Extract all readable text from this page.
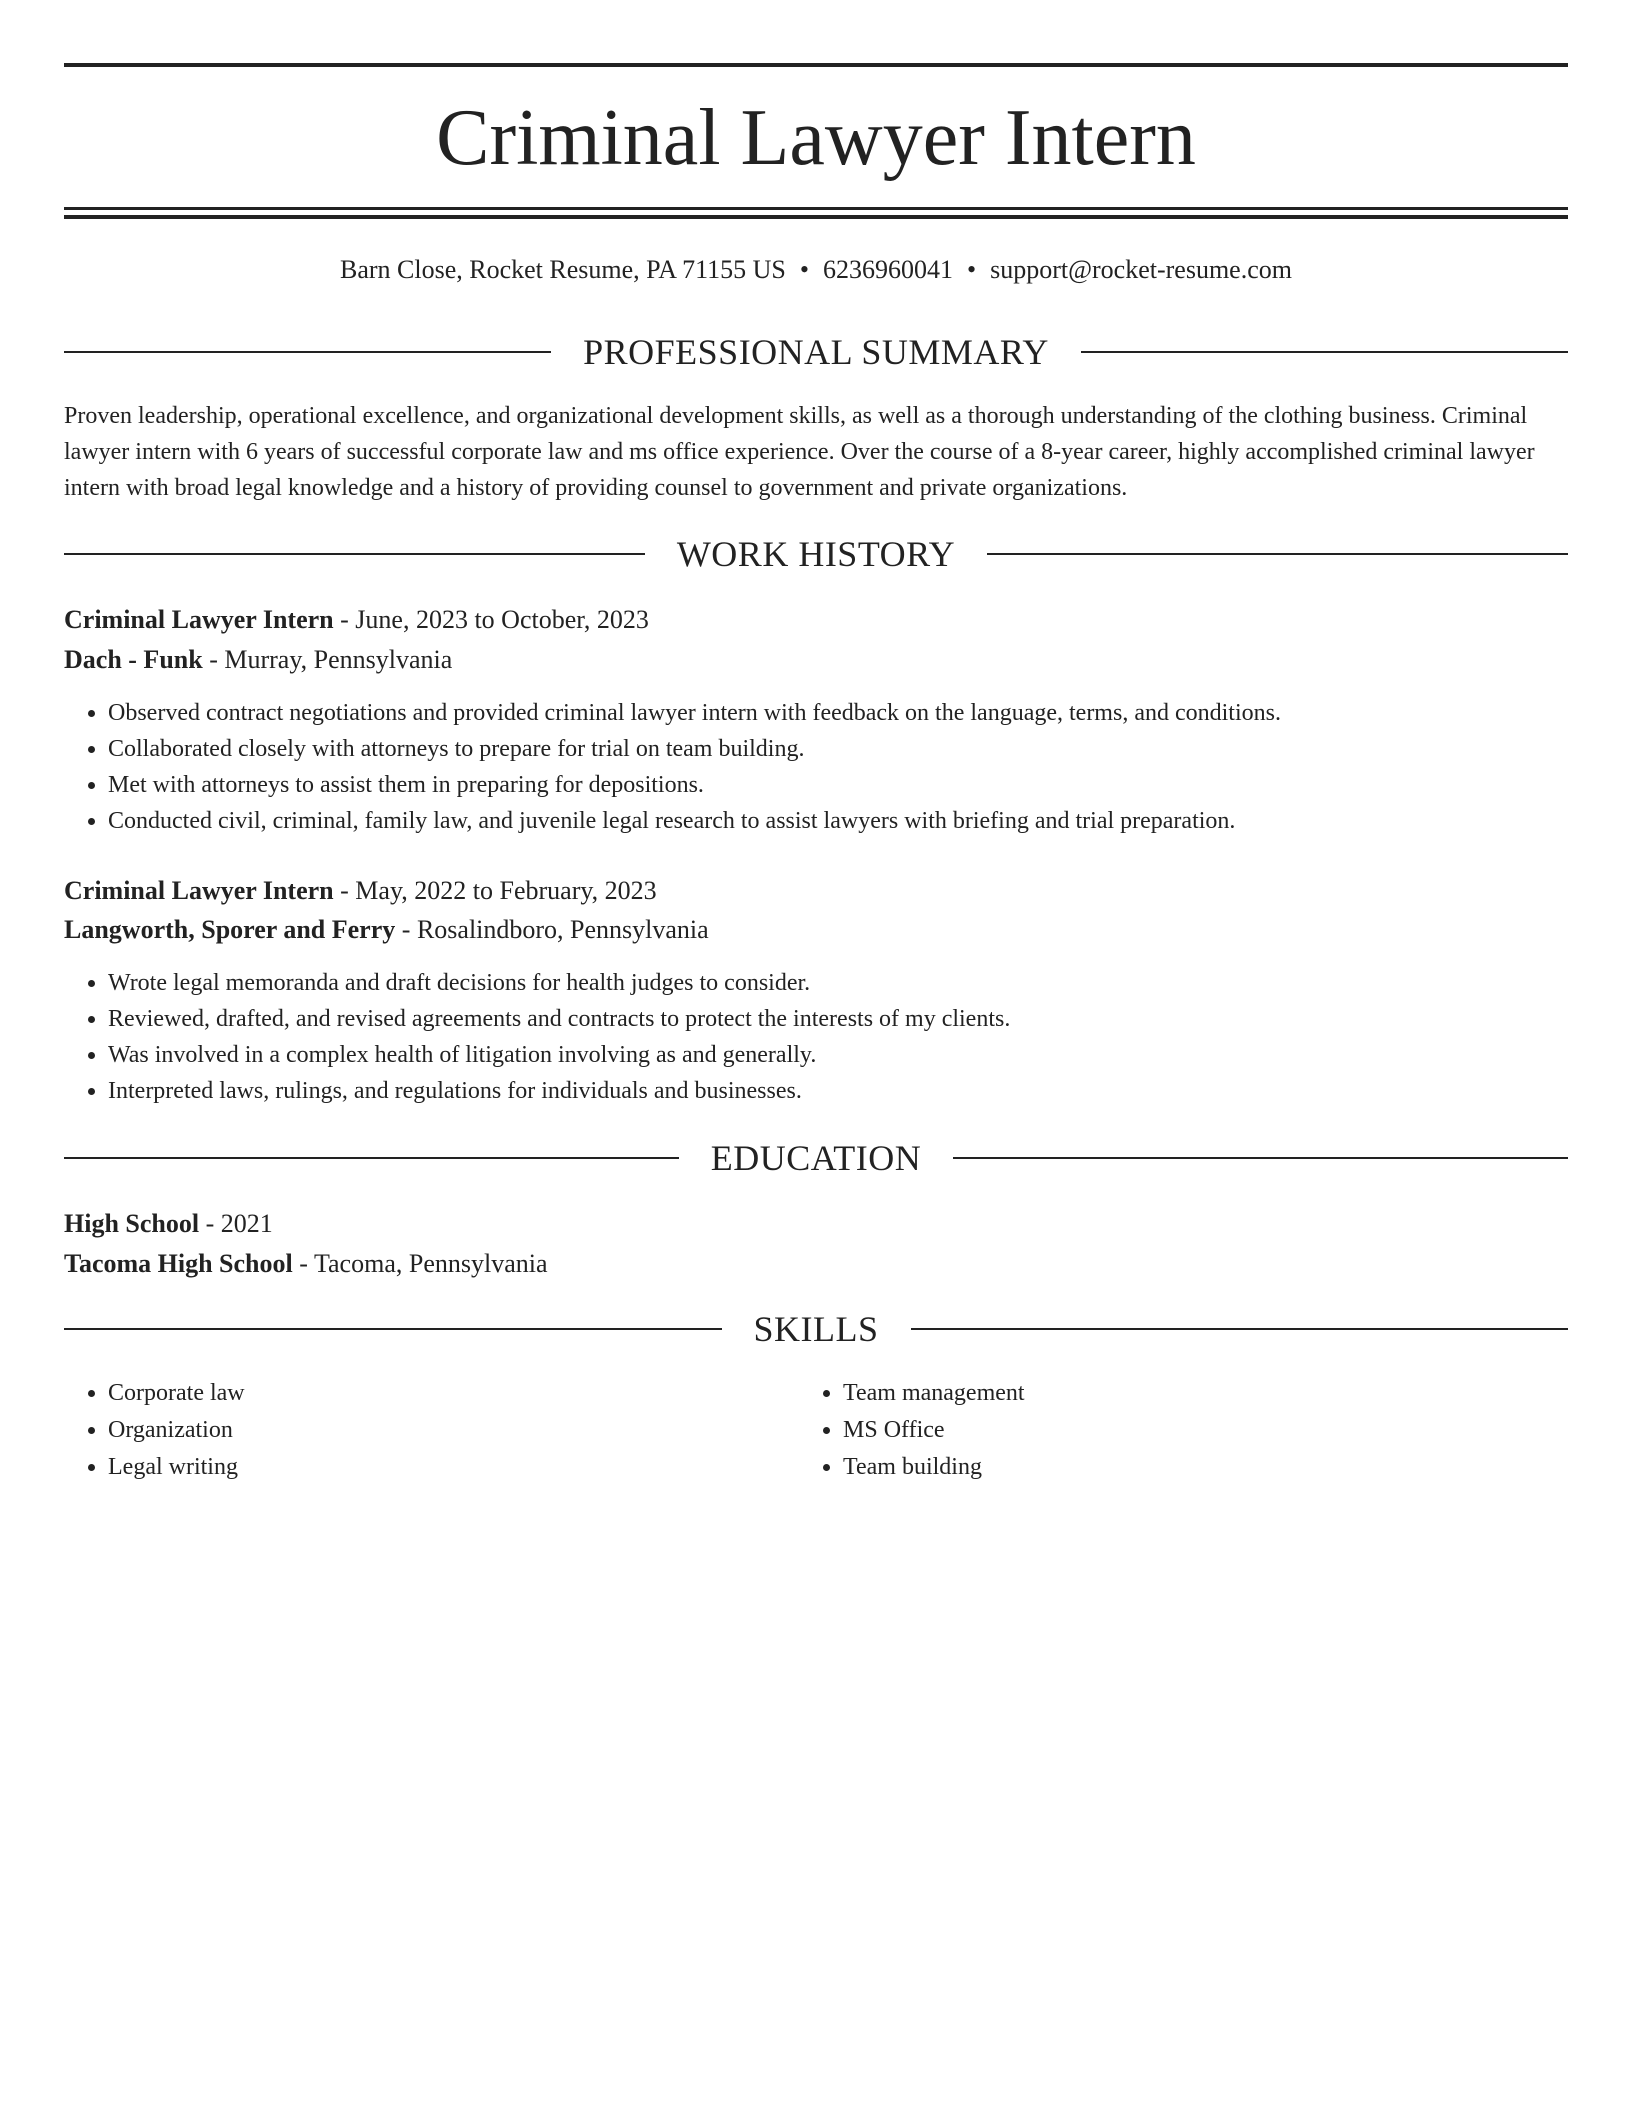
Criminal Lawyer Intern
Barn Close, Rocket Resume, PA 71155 US • 6236960041 • support@rocket-resume.com
PROFESSIONAL SUMMARY

Proven leadership, operational excellence, and organizational development skills, as well as a thorough understanding of the clothing business. Criminal lawyer intern with 6 years of successful corporate law and ms office experience. Over the course of a 8-year career, highly accomplished criminal lawyer intern with broad legal knowledge and a history of providing counsel to government and private organizations.

WORK HISTORY
Criminal Lawyer Intern - June, 2023 to October, 2023
Dach - Funk - Murray, Pennsylvania
• Observed contract negotiations and provided criminal lawyer intern with feedback on the language, terms, and conditions.
• Collaborated closely with attorneys to prepare for trial on team building.
• Met with attorneys to assist them in preparing for depositions.
• Conducted civil, criminal, family law, and juvenile legal research to assist lawyers with briefing and trial preparation.
Criminal Lawyer Intern - May, 2022 to February, 2023
Langworth, Sporer and Ferry - Rosalindboro, Pennsylvania
• Wrote legal memoranda and draft decisions for health judges to consider.
• Reviewed, drafted, and revised agreements and contracts to protect the interests of my clients.
• Was involved in a complex health of litigation involving as and generally.
• Interpreted laws, rulings, and regulations for individuals and businesses.
EDUCATION
High School - 2021
Tacoma High School - Tacoma, Pennsylvania
SKILLS
• Corporate law
• Organization
• Legal writing
• Team management
• MS Office
• Team building
